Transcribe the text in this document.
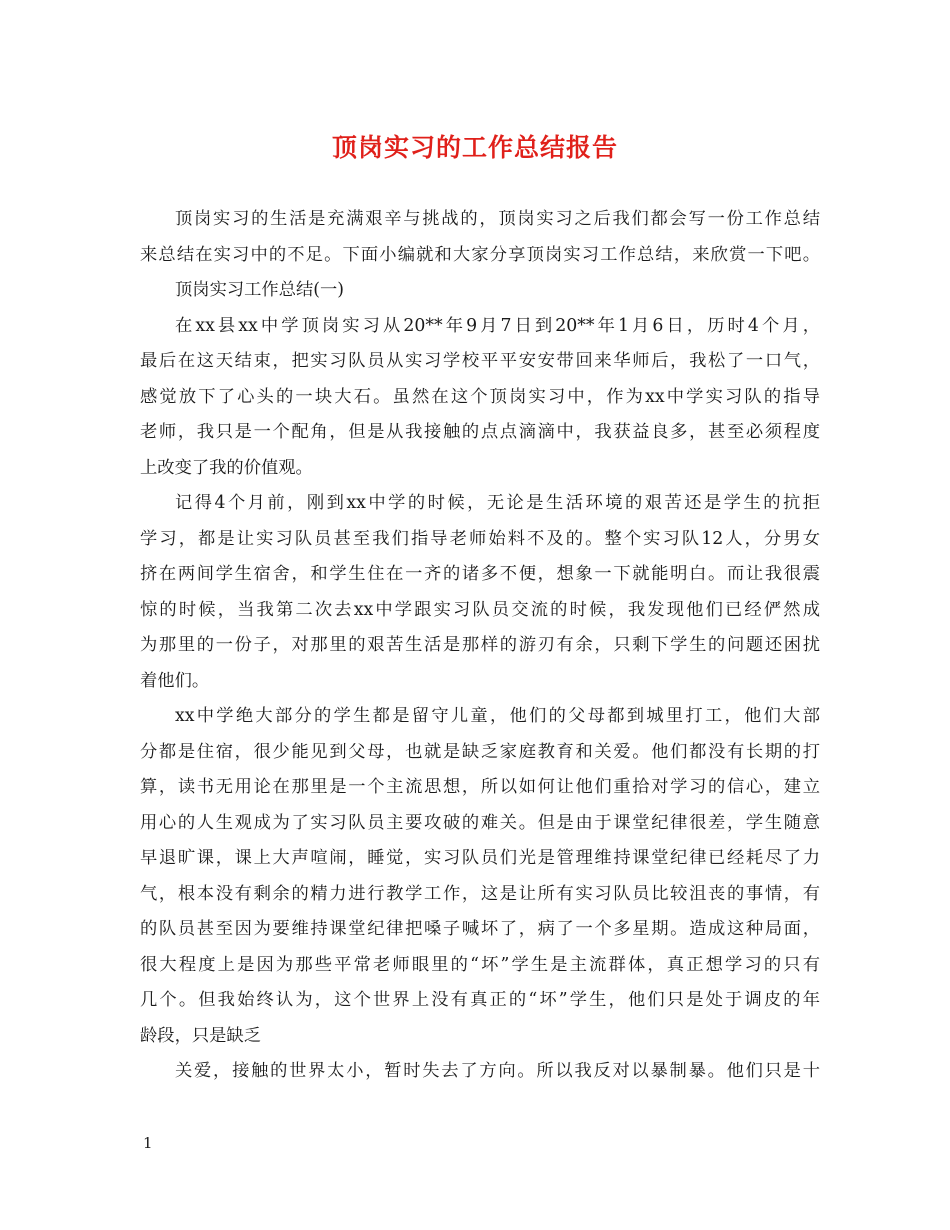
顶岗实习的工作总结报告
顶岗实习的生活是充满艰辛与挑战的，顶岗实习之后我们都会写一份工作总结
来总结在实习中的不足。下面小编就和大家分享顶岗实习工作总结，来欣赏一下吧。
顶岗实习工作总结(一)
在xx县xx中学顶岗实习从20**年9月7日到20**年1月6日，历时4个月，
最后在这天结束，把实习队员从实习学校平平安安带回来华师后，我松了一口气，
感觉放下了心头的一块大石。虽然在这个顶岗实习中，作为xx中学实习队的指导
老师，我只是一个配角，但是从我接触的点点滴滴中，我获益良多，甚至必须程度
上改变了我的价值观。
记得4个月前，刚到xx中学的时候，无论是生活环境的艰苦还是学生的抗拒
学习，都是让实习队员甚至我们指导老师始料不及的。整个实习队12人，分男女
挤在两间学生宿舍，和学生住在一齐的诸多不便，想象一下就能明白。而让我很震
惊的时候，当我第二次去xx中学跟实习队员交流的时候，我发现他们已经俨然成
为那里的一份子，对那里的艰苦生活是那样的游刃有余，只剩下学生的问题还困扰
着他们。
xx中学绝大部分的学生都是留守儿童，他们的父母都到城里打工，他们大部
分都是住宿，很少能见到父母，也就是缺乏家庭教育和关爱。他们都没有长期的打
算，读书无用论在那里是一个主流思想，所以如何让他们重拾对学习的信心，建立
用心的人生观成为了实习队员主要攻破的难关。但是由于课堂纪律很差，学生随意
早退旷课，课上大声喧闹，睡觉，实习队员们光是管理维持课堂纪律已经耗尽了力
气，根本没有剩余的精力进行教学工作，这是让所有实习队员比较沮丧的事情，有
的队员甚至因为要维持课堂纪律把嗓子喊坏了，病了一个多星期。造成这种局面，
很大程度上是因为那些平常老师眼里的“坏”学生是主流群体，真正想学习的只有
几个。但我始终认为，这个世界上没有真正的“坏”学生，他们只是处于调皮的年
龄段，只是缺乏
关爱，接触的世界太小，暂时失去了方向。所以我反对以暴制暴。他们只是十
1
